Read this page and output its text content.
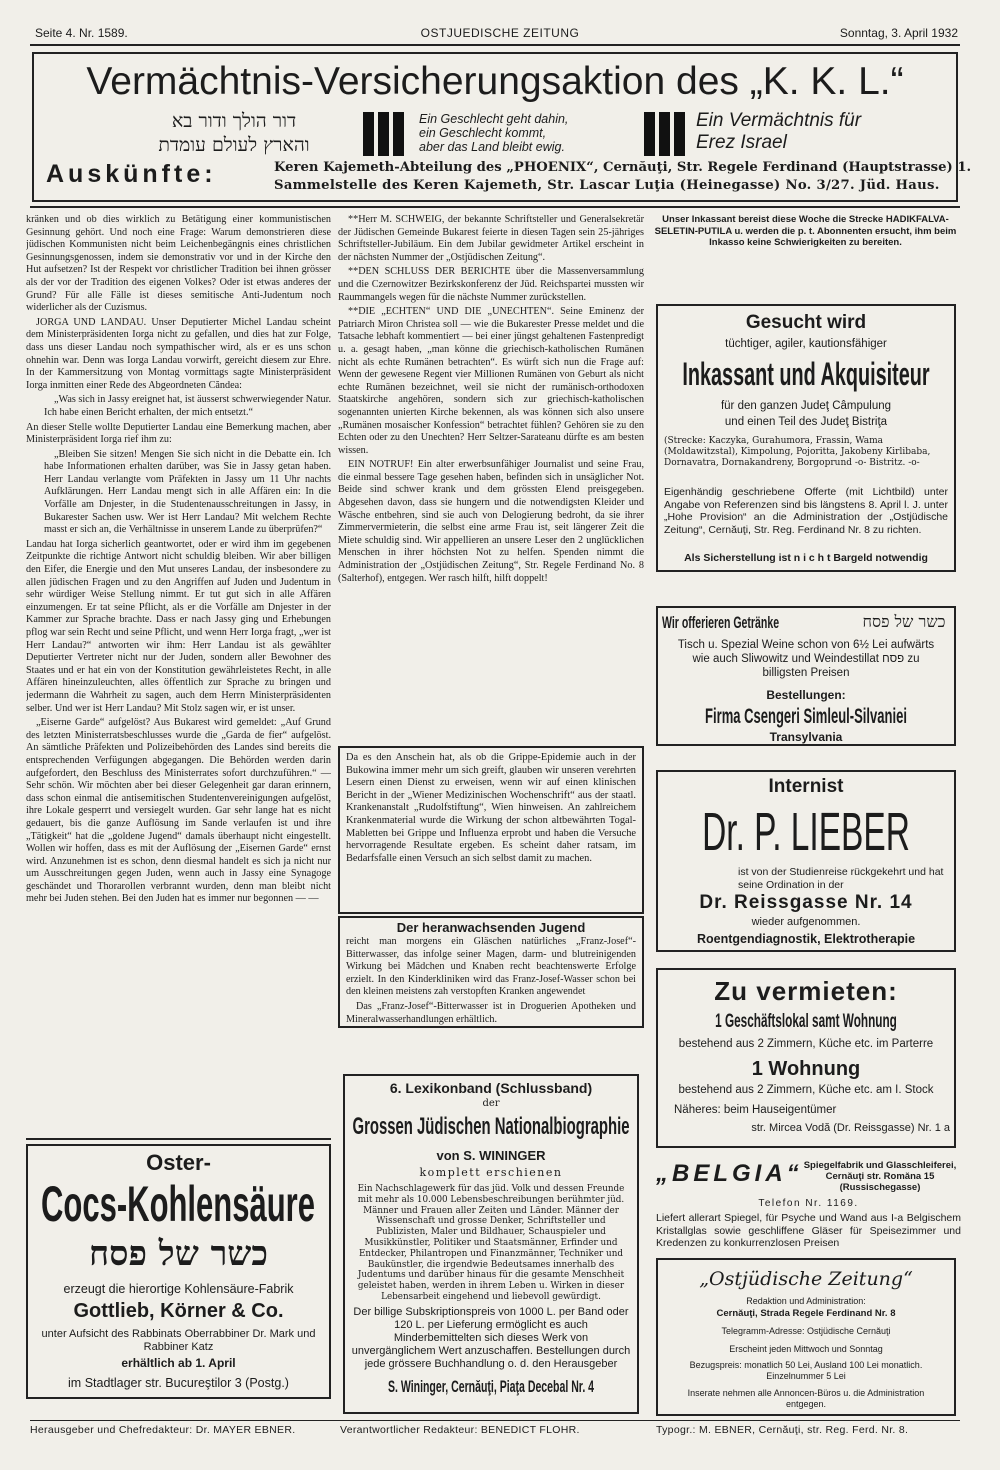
Seite 4. Nr. 1589.	OSTJUEDISCHE ZEITUNG	Sonntag, 3. April 1932
Vermächtnis-Versicherungsaktion des „K. K. L.“
דור הולך ודור בא
והארץ לעולם עומדת
Ein Geschlecht geht dahin,
ein Geschlecht kommt,
aber das Land bleibt ewig.
Ein Vermächtnis für
Erez Israel
Auskünfte:	Keren Kajemeth-Abteilung des „PHOENIX“, Cernăuţi, Str. Regele Ferdinand (Hauptstrasse) 1.
Sammelstelle des Keren Kajemeth, Str. Lascar Luţia (Heinegasse) No. 3/27. Jüd. Haus.

kränken und ob dies wirklich zu Betätigung einer kommunistischen Gesinnung gehört. Und noch eine Frage: Warum demonstrieren diese jüdischen Kommunisten nicht beim Leichenbegängnis eines christlichen Gesinnungsgenossen, indem sie demonstrativ vor und in der Kirche den Hut aufsetzen? Ist der Respekt vor christlicher Tradition bei ihnen grösser als der vor der Tradition des eigenen Volkes? Oder ist etwas anderes der Grund? Für alle Fälle ist dieses semitische Anti-Judentum noch widerlicher als der Cuzismus.

JORGA UND LANDAU. Unser Deputierter Michel Landau scheint dem Ministerpräsidenten Iorga nicht zu gefallen, und dies hat zur Folge, dass uns dieser Landau noch sympathischer wird, als er es uns schon ohnehin war. Denn was Iorga Landau vorwirft, gereicht diesem zur Ehre. In der Kammersitzung von Montag vormittags sagte Ministerpräsident Iorga inmitten einer Rede des Abgeordneten Căndea:

„Was sich in Jassy ereignet hat, ist äusserst schwerwiegender Natur. Ich habe einen Bericht erhalten, der mich entsetzt.“

An dieser Stelle wollte Deputierter Landau eine Bemerkung machen, aber Ministerpräsident Iorga rief ihm zu:

„Bleiben Sie sitzen! Mengen Sie sich nicht in die Debatte ein. Ich habe Informationen erhalten darüber, was Sie in Jassy getan haben. Herr Landau verlangte vom Präfekten in Jassy um 11 Uhr nachts Aufklärungen. Herr Landau mengt sich in alle Affären ein: In die Vorfälle am Dnjester, in die Studentenausschreitungen in Jassy, in Bukarester Sachen usw. Wer ist Herr Landau? Mit welchem Rechte masst er sich an, die Verhältnisse in unserem Lande zu überprüfen?“

Landau hat Iorga sicherlich geantwortet, oder er wird ihm im gegebenen Zeitpunkte die richtige Antwort nicht schuldig bleiben. Wir aber billigen den Eifer, die Energie und den Mut unseres Landau, der insbesondere zu allen jüdischen Fragen und zu den Angriffen auf Juden und Judentum in sehr würdiger Weise Stellung nimmt. Er tut gut sich in alle Affären einzumengen. Er tat seine Pflicht, als er die Vorfälle am Dnjester in der Kammer zur Sprache brachte. Dass er nach Jassy ging und Erhebungen pflog war sein Recht und seine Pflicht, und wenn Herr Iorga fragt, „wer ist Herr Landau?“ antworten wir ihm: Herr Landau ist als gewählter Deputierter Vertreter nicht nur der Juden, sondern aller Bewohner des Staates und er hat ein von der Konstitution gewährleistetes Recht, in alle Affären hineinzuleuchten, alles öffentlich zur Sprache zu bringen und jedermann die Wahrheit zu sagen, auch dem Herrn Ministerpräsidenten selber. Und wer ist Herr Landau? Mit Stolz sagen wir, er ist unser.

„Eiserne Garde“ aufgelöst? Aus Bukarest wird gemeldet: „Auf Grund des letzten Ministerratsbeschlusses wurde die „Garda de fier“ aufgelöst. An sämtliche Präfekten und Polizeibehörden des Landes sind bereits die entsprechenden Verfügungen abgegangen. Die Behörden werden darin aufgefordert, den Beschluss des Ministerrates sofort durchzuführen.“ — Sehr schön. Wir möchten aber bei dieser Gelegenheit gar daran erinnern, dass schon einmal die antisemitischen Studentenvereinigungen aufgelöst, ihre Lokale gesperrt und versiegelt wurden. Gar sehr lange hat es nicht gedauert, bis die ganze Auflösung im Sande verlaufen ist und ihre „Tätigkeit“ hat die „goldene Jugend“ damals überhaupt nicht eingestellt. Wollen wir hoffen, dass es mit der Auflösung der „Eisernen Garde“ ernst wird. Anzunehmen ist es schon, denn diesmal handelt es sich ja nicht nur um Ausschreitungen gegen Juden, wenn auch in Jassy eine Synagoge geschändet und Thorarollen verbrannt wurden, denn man bleibt nicht mehr bei Juden stehen. Bei den Juden hat es immer nur begonnen — —

Oster-
Cocs-Kohlensäure
כשר של פסח
erzeugt die hierortige Kohlensäure-Fabrik
Gottlieb, Körner & Co.
unter Aufsicht des Rabbinats Oberrabbiner Dr. Mark und Rabbiner Katz
erhältlich ab 1. April
im Stadtlager str. Bucureştilor 3 (Postg.)

**Herr M. SCHWEIG, der bekannte Schriftsteller und Generalsekretär der Jüdischen Gemeinde Bukarest feierte in diesen Tagen sein 25-jähriges Schriftsteller-Jubiläum. Ein dem Jubilar gewidmeter Artikel erscheint in der nächsten Nummer der „Ostjüdischen Zeitung“.

**DEN SCHLUSS DER BERICHTE über die Massenversammlung und die Czernowitzer Bezirkskonferenz der Jüd. Reichspartei mussten wir Raummangels wegen für die nächste Nummer zurückstellen.

**DIE „ECHTEN“ UND DIE „UNECHTEN“. Seine Eminenz der Patriarch Miron Christea soll — wie die Bukarester Presse meldet und die Tatsache lebhaft kommentiert — bei einer jüngst gehaltenen Fastenpredigt u. a. gesagt haben, „man könne die griechisch-katholischen Rumänen nicht als echte Rumänen betrachten“. Es würft sich nun die Frage auf: Wenn der gewesene Regent vier Millionen Rumänen von Geburt als nicht echte Rumänen bezeichnet, weil sie nicht der rumänisch-orthodoxen Staatskirche angehören, sondern sich zur griechisch-katholischen sogenannten unierten Kirche bekennen, als was können sich also unsere „Rumänen mosaischer Konfession“ betrachtet fühlen? Gehören sie zu den Echten oder zu den Unechten? Herr Seltzer-Sarateanu dürfte es am besten wissen.

EIN NOTRUF! Ein alter erwerbsunfähiger Journalist und seine Frau, die einmal bessere Tage gesehen haben, befinden sich in unsäglicher Not. Beide sind schwer krank und dem grössten Elend preisgegeben. Abgesehen davon, dass sie hungern und die notwendigsten Kleider und Wäsche entbehren, sind sie auch von Delogierung bedroht, da sie ihrer Zimmervermieterin, die selbst eine arme Frau ist, seit längerer Zeit die Miete schuldig sind. Wir appellieren an unsere Leser den 2 unglücklichen Menschen in ihrer höchsten Not zu helfen. Spenden nimmt die Administration der „Ostjüdischen Zeitung“, Str. Regele Ferdinand No. 8 (Salterhof), entgegen. Wer rasch hilft, hilft doppelt!

Da es den Anschein hat, als ob die Grippe-Epidemie auch in der Bukowina immer mehr um sich greift, glauben wir unseren verehrten Lesern einen Dienst zu erweisen, wenn wir auf einen klinischen Bericht in der „Wiener Medizinischen Wochenschrift“ aus der staatl. Krankenanstalt „Rudolfstiftung“, Wien hinweisen. An zahlreichem Krankenmaterial wurde die Wirkung der schon altbewährten Togal-Mabletten bei Grippe und Influenza erprobt und haben die Versuche hervorragende Resultate ergeben. Es scheint daher ratsam, im Bedarfsfalle einen Versuch an sich selbst damit zu machen.

Der heranwachsenden Jugend

reicht man morgens ein Gläschen natürliches „Franz-Josef“-Bitterwasser, das infolge seiner Magen, darm- und blutreinigenden Wirkung bei Mädchen und Knaben recht beachtenswerte Erfolge erzielt. In den Kinderkliniken wird das Franz-Josef-Wasser schon bei den kleinen meistens zah verstopften Kranken angewendet

Das „Franz-Josef“-Bitterwasser ist in Droguerien Apotheken und Mineralwasserhandlungen erhältlich.

6. Lexikonband (Schlussband)
der
Grossen Jüdischen Nationalbiographie
von S. WININGER
komplett erschienen
Ein Nachschlagewerk für das jüd. Volk und dessen Freunde mit mehr als 10.000 Lebensbeschreibungen berühmter jüd. Männer und Frauen aller Zeiten und Länder. Männer der Wissenschaft und grosse Denker, Schriftsteller und Publizisten, Maler und Bildhauer, Schauspieler und Musikkünstler, Politiker und Staatsmänner, Erfinder und Entdecker, Philantropen und Finanzmänner, Techniker und Baukünstler, die irgendwie Bedeutsames innerhalb des Judentums und darüber hinaus für die gesamte Menschheit geleistet haben, werden in ihrem Leben u. Wirken in dieser Lebensarbeit eingehend und liebevoll gewürdigt.
Der billige Subskriptionspreis von 1000 L. per Band oder 120 L. per Lieferung ermöglicht es auch Minderbemittelten sich dieses Werk von unvergänglichem Wert anzuschaffen. Bestellungen durch jede grössere Buchhandlung o. d. den Herausgeber
S. Wininger, Cernăuţi, Piaţa Decebal Nr. 4
Unser Inkassant bereist diese Woche die Strecke HADIKFALVA-SELETIN-PUTILA u. werden die p. t. Abonnenten ersucht, ihm beim Inkasso keine Schwierigkeiten zu bereiten.
Gesucht wird
tüchtiger, agiler, kautionsfähiger
Inkassant und Akquisiteur
für den ganzen Judeţ Câmpulung
und einen Teil des Judeţ Bistriţa
(Strecke: Kaczyka, Gurahumora, Frassin, Wama (Moldawitzstal), Kimpolung, Pojoritta, Jakobeny Kirlibaba, Dornavatra, Dornakandreny, Borgoprund -o- Bistritz. -o-
Eigenhändig geschriebene Offerte (mit Lichtbild) unter Angabe von Referenzen sind bis längstens 8. April l. J. unter „Hohe Provision“ an die Administration der „Ostjüdische Zeitung“, Cernăuţi, Str. Reg. Ferdinand Nr. 8 zu richten.
Als Sicherstellung ist n i c h t Bargeld notwendig
Wir offerieren Getränke	כשר של פסח
Tisch u. Spezial Weine schon von 6½ Lei aufwärts wie auch Sliwowitz und Weindestillat פסח zu billigsten Preisen
Bestellungen:
Firma Csengeri Simleul-Silvaniei
Transylvania
Internist
Dr. P. LIEBER
ist von der Studienreise rückgekehrt und hat seine Ordination in der
Dr. Reissgasse Nr. 14
wieder aufgenommen.
Roentgendiagnostik, Elektrotherapie
Zu vermieten:
1 Geschäftslokal samt Wohnung
bestehend aus 2 Zimmern, Küche etc. im Parterre
1 Wohnung
bestehend aus 2 Zimmern, Küche etc. am I. Stock
Näheres: beim Hauseigentümer
str. Mircea Vodă (Dr. Reissgasse) Nr. 1 a
„BELGIA“ Spiegelfabrik und Glasschleiferei, Cernăuţi str. Romăna 15 (Russischegasse)
Telefon Nr. 1169.
Liefert allerart Spiegel, für Psyche und Wand aus I-a Belgischem Kristallglas sowie geschliffene Gläser für Speisezimmer und Kredenzen zu konkurrenzlosen Preisen
„Ostjüdische Zeitung“
Redaktion und Administration:
Cernăuţi, Strada Regele Ferdinand Nr. 8
Telegramm-Adresse: Ostjüdische Cernăuţi
Erscheint jeden Mittwoch und Sonntag
Bezugspreis: monatlich 50 Lei, Ausland 100 Lei monatlich. Einzelnummer 5 Lei
Inserate nehmen alle Annoncen-Büros u. die Administration entgegen.
Herausgeber und Chefredakteur: Dr. MAYER EBNER.	Verantwortlicher Redakteur: BENEDICT FLOHR.	Typogr.: M. EBNER, Cernăuţi, str. Reg. Ferd. Nr. 8.
